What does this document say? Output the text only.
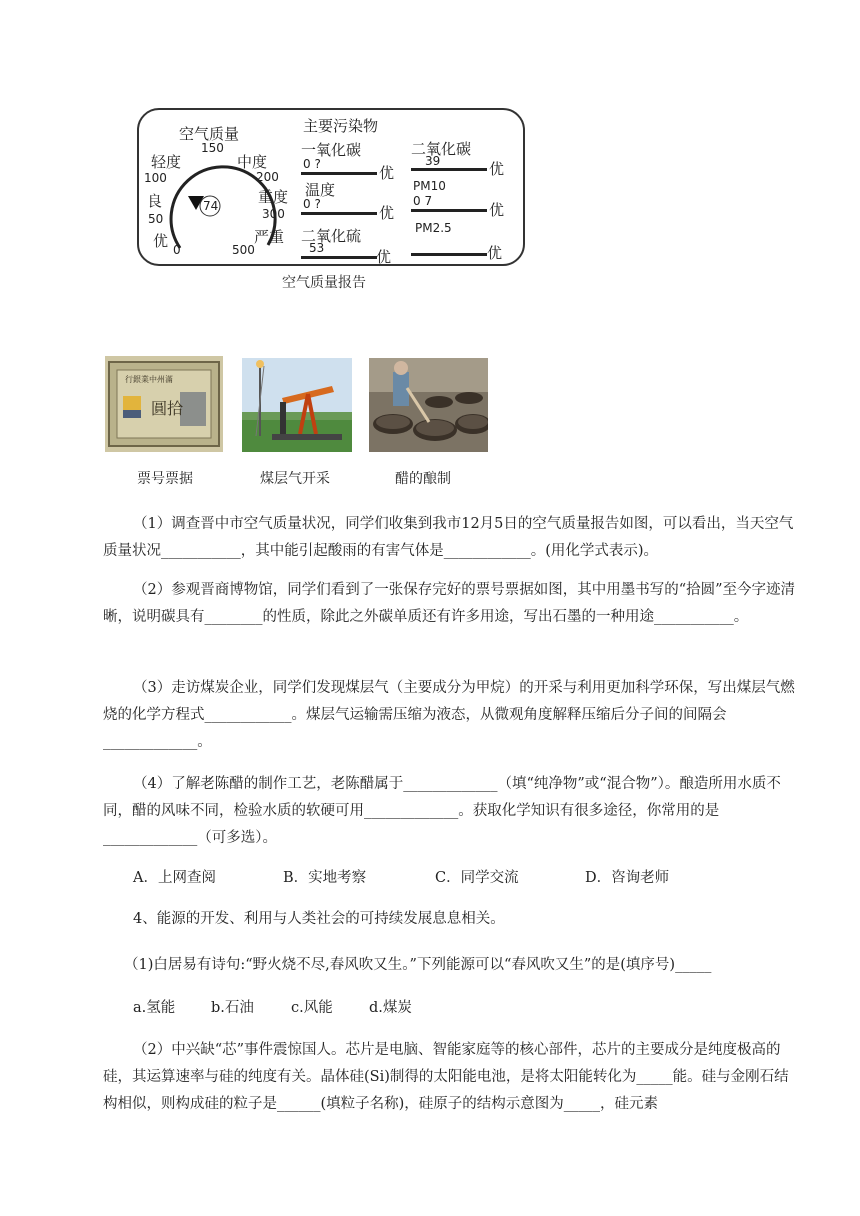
74
空气质量
150
轻度	中度
100	200
良	重度
50	300
优	严重
0	500
主要污染物
一氧化碳
0 ?	优
温度
0 ?	优
二氧化硫
53	优
二氧化碳
39	优
PM10
0 7	优
PM2.5
优
空气质量报告
圓拾
行銀業中州滿
票号票据	煤层气开采	醋的酿制
（1）调查晋中市空气质量状况，同学们收集到我市12月5日的空气质量报告如图，可以看出，当天空气质量状况___________，其中能引起酸雨的有害气体是____________。(用化学式表示)。
（2）参观晋商博物馆，同学们看到了一张保存完好的票号票据如图，其中用墨书写的“拾圆”至今字迹清晰，说明碳具有________的性质，除此之外碳单质还有许多用途，写出石墨的一种用途___________。
（3）走访煤炭企业，同学们发现煤层气（主要成分为甲烷）的开采与利用更加科学环保，写出煤层气燃烧的化学方程式____________。煤层气运输需压缩为液态，从微观角度解释压缩后分子间的间隔会_____________。
（4）了解老陈醋的制作工艺，老陈醋属于_____________（填“纯净物”或“混合物”）。酿造所用水质不同，醋的风味不同，检验水质的软硬可用_____________。获取化学知识有很多途径，你常用的是_____________（可多选）。
A．上网查阅	B．实地考察	C．同学交流	D．咨询老师
4、能源的开发、利用与人类社会的可持续发展息息相关。
（1)白居易有诗句:“野火烧不尽,春风吹又生。”下列能源可以“春风吹又生”的是(填序号)_____
a.氢能 b.石油	c.风能	d.煤炭
（2）中兴缺“芯”事件震惊国人。芯片是电脑、智能家庭等的核心部件，芯片的主要成分是纯度极高的硅，其运算速率与硅的纯度有关。晶体硅(Si)制得的太阳能电池，是将太阳能转化为_____能。硅与金刚石结构相似，则构成硅的粒子是______(填粒子名称)，硅原子的结构示意图为_____，硅元素
